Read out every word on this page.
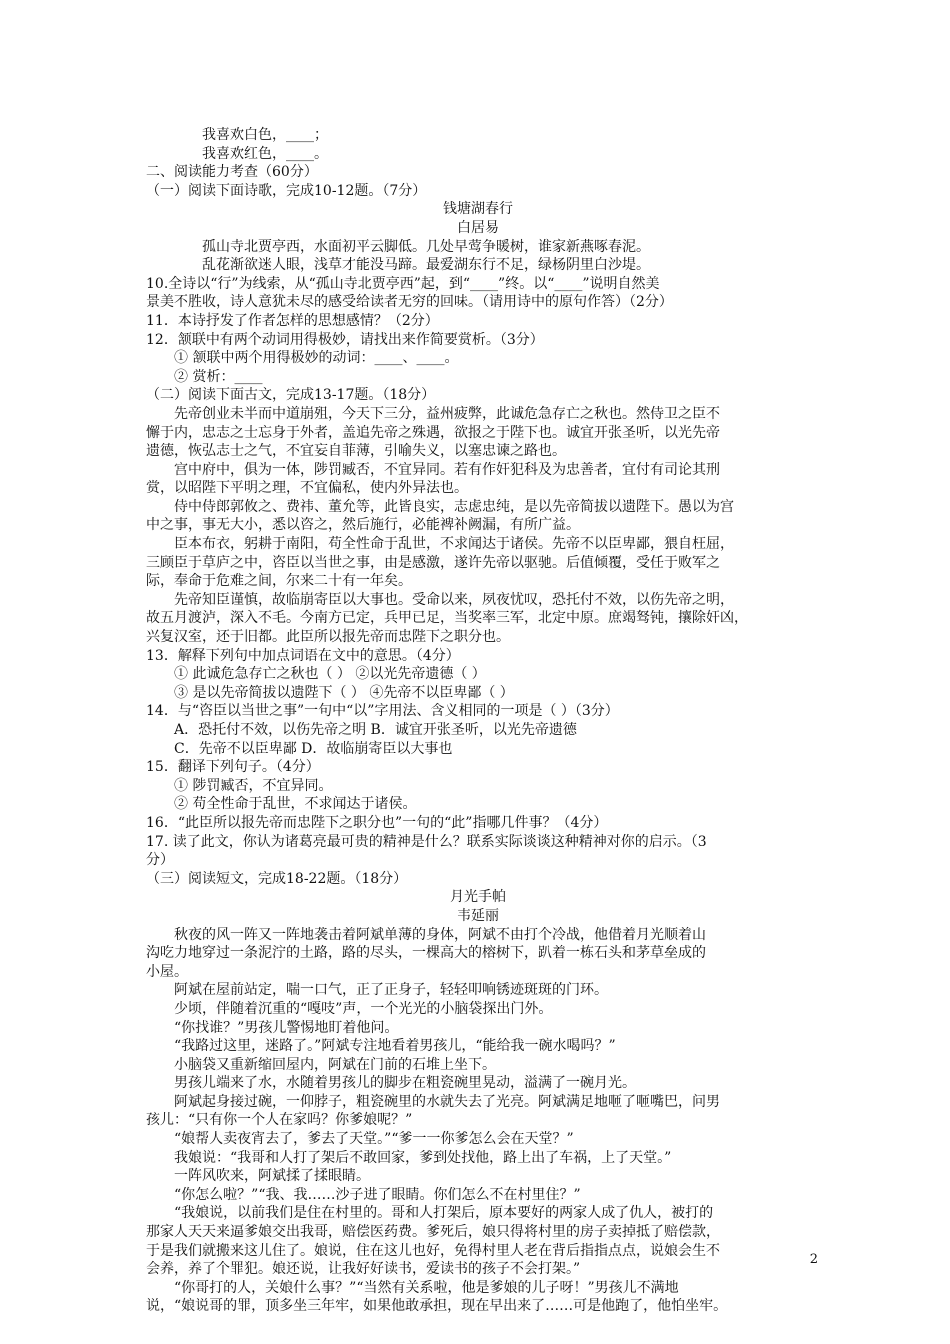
我喜欢白色，____；
我喜欢红色，____。
二、阅读能力考查（60分）
（一）阅读下面诗歌，完成10-12题。（7分）
钱塘湖春行
白居易
孤山寺北贾亭西，水面初平云脚低。几处早莺争暖树，谁家新燕啄春泥。
乱花渐欲迷人眼，浅草才能没马蹄。最爱湖东行不足，绿杨阴里白沙堤。
10.全诗以“行”为线索，从“孤山寺北贾亭西”起，到“____”终。以“____”说明自然美
景美不胜收，诗人意犹未尽的感受给读者无穷的回味。（请用诗中的原句作答）（2分）
11．本诗抒发了作者怎样的思想感情？（2分）
12．颔联中有两个动词用得极妙，请找出来作简要赏析。（3分）
① 颔联中两个用得极妙的动词：____、____。
② 赏析：____
（二）阅读下面古文，完成13-17题。（18分）
先帝创业未半而中道崩殂，今天下三分，益州疲弊，此诚危急存亡之秋也。然侍卫之臣不
懈于内，忠志之士忘身于外者，盖追先帝之殊遇，欲报之于陛下也。诚宜开张圣听，以光先帝
遗德，恢弘志士之气，不宜妄自菲薄，引喻失义，以塞忠谏之路也。
宫中府中，俱为一体，陟罚臧否，不宜异同。若有作奸犯科及为忠善者，宜付有司论其刑
赏，以昭陛下平明之理，不宜偏私，使内外异法也。
侍中侍郎郭攸之、费祎、董允等，此皆良实，志虑忠纯，是以先帝简拔以遗陛下。愚以为宫
中之事，事无大小，悉以咨之，然后施行，必能裨补阙漏，有所广益。
臣本布衣，躬耕于南阳，苟全性命于乱世，不求闻达于诸侯。先帝不以臣卑鄙，猥自枉屈，
三顾臣于草庐之中，咨臣以当世之事，由是感激，遂许先帝以驱驰。后值倾覆，受任于败军之
际，奉命于危难之间，尔来二十有一年矣。
先帝知臣谨慎，故临崩寄臣以大事也。受命以来，夙夜忧叹，恐托付不效，以伤先帝之明，
故五月渡泸，深入不毛。今南方已定，兵甲已足，当奖率三军，北定中原。庶竭驽钝，攘除奸凶，
兴复汉室，还于旧都。此臣所以报先帝而忠陛下之职分也。
13．解释下列句中加点词语在文中的意思。（4分）
① 此诚危急存亡之秋也（ ） ②以光先帝遗德（ ）
③ 是以先帝简拔以遗陛下（ ） ④先帝不以臣卑鄙（ ）
14．与“咨臣以当世之事”一句中“以”字用法、含义相同的一项是（ ）（3分）
A．恐托付不效，以伤先帝之明 B．诚宜开张圣听，以光先帝遗德
C．先帝不以臣卑鄙 D．故临崩寄臣以大事也
15．翻译下列句子。（4分）
① 陟罚臧否，不宜异同。
② 苟全性命于乱世，不求闻达于诸侯。
16．“此臣所以报先帝而忠陛下之职分也”一句的“此”指哪几件事？（4分）
17. 读了此文，你认为诸葛亮最可贵的精神是什么？联系实际谈谈这种精神对你的启示。（3
分）
（三）阅读短文，完成18-22题。（18分）
月光手帕
韦延丽
秋夜的风一阵又一阵地袭击着阿斌单薄的身体，阿斌不由打个冷战，他借着月光顺着山
沟吃力地穿过一条泥泞的土路，路的尽头，一棵高大的榕树下，趴着一栋石头和茅草垒成的
小屋。
阿斌在屋前站定，喘一口气，正了正身子，轻轻叩响锈迹斑斑的门环。
少顷，伴随着沉重的“嘎吱”声，一个光光的小脑袋探出门外。
“你找谁？”男孩儿警惕地盯着他问。
“我路过这里，迷路了。”阿斌专注地看着男孩儿，“能给我一碗水喝吗？”
小脑袋又重新缩回屋内，阿斌在门前的石堆上坐下。
男孩儿端来了水，水随着男孩儿的脚步在粗瓷碗里晃动，溢满了一碗月光。
阿斌起身接过碗，一仰脖子，粗瓷碗里的水就失去了光亮。阿斌满足地咂了咂嘴巴，问男
孩儿：“只有你一个人在家吗？你爹娘呢？”
“娘帮人卖夜宵去了，爹去了天堂。”“爹一一你爹怎么会在天堂？”
我娘说：“我哥和人打了架后不敢回家，爹到处找他，路上出了车祸，上了天堂。”
一阵风吹来，阿斌揉了揉眼睛。
“你怎么啦？”“我、我……沙子进了眼睛。你们怎么不在村里住？”
“我娘说，以前我们是住在村里的。哥和人打架后，原本要好的两家人成了仇人，被打的
那家人天天来逼爹娘交出我哥，赔偿医药费。爹死后，娘只得将村里的房子卖掉抵了赔偿款，
于是我们就搬来这儿住了。娘说，住在这儿也好，免得村里人老在背后指指点点，说娘会生不
会养，养了个罪犯。娘还说，让我好好读书，爱读书的孩子不会打架。”
“你哥打的人，关娘什么事？”“当然有关系啦，他是爹娘的儿子呀！”男孩儿不满地
说，“娘说哥的罪，顶多坐三年牢，如果他敢承担，现在早出来了……可是他跑了，他怕坐牢。
2
